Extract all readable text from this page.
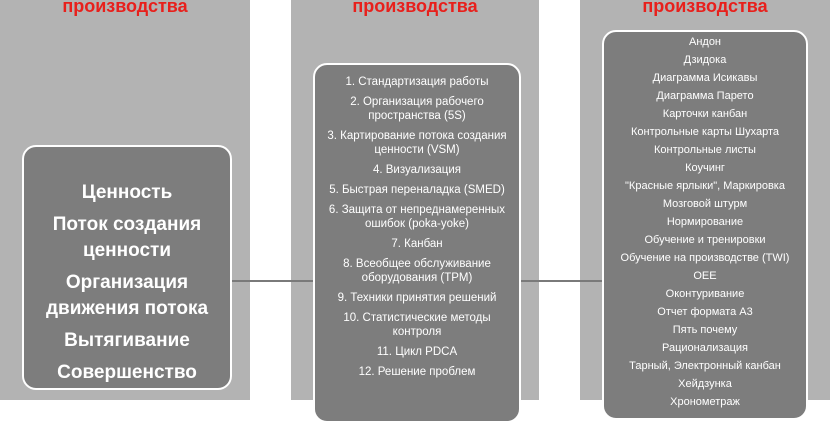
производства	производства	производства
Ценность
Поток создания ценности
Организация движения потока
Вытягивание
Совершенство
1. Стандартизация работы
2. Организация рабочего пространства (5S)
3. Картирование потока создания ценности (VSM)
4. Визуализация
5. Быстрая переналадка (SMED)
6. Защита от непреднамеренных ошибок (poka-yoke)
7. Канбан
8. Всеобщее обслуживание оборудования (TPM)
9. Техники принятия решений
10. Статистические методы контроля
11. Цикл PDCA
12. Решение проблем
Андон
Дзидока
Диаграмма Исикавы
Диаграмма Парето
Карточки канбан
Контрольные карты Шухарта
Контрольные листы
Коучинг
"Красные ярлыки", Маркировка
Мозговой штурм
Нормирование
Обучение и тренировки
Обучение на производстве (TWI)
OEE
Оконтуривание
Отчет формата А3
Пять почему
Рационализация
Тарный, Электронный канбан
Хейдзунка
Хронометраж
